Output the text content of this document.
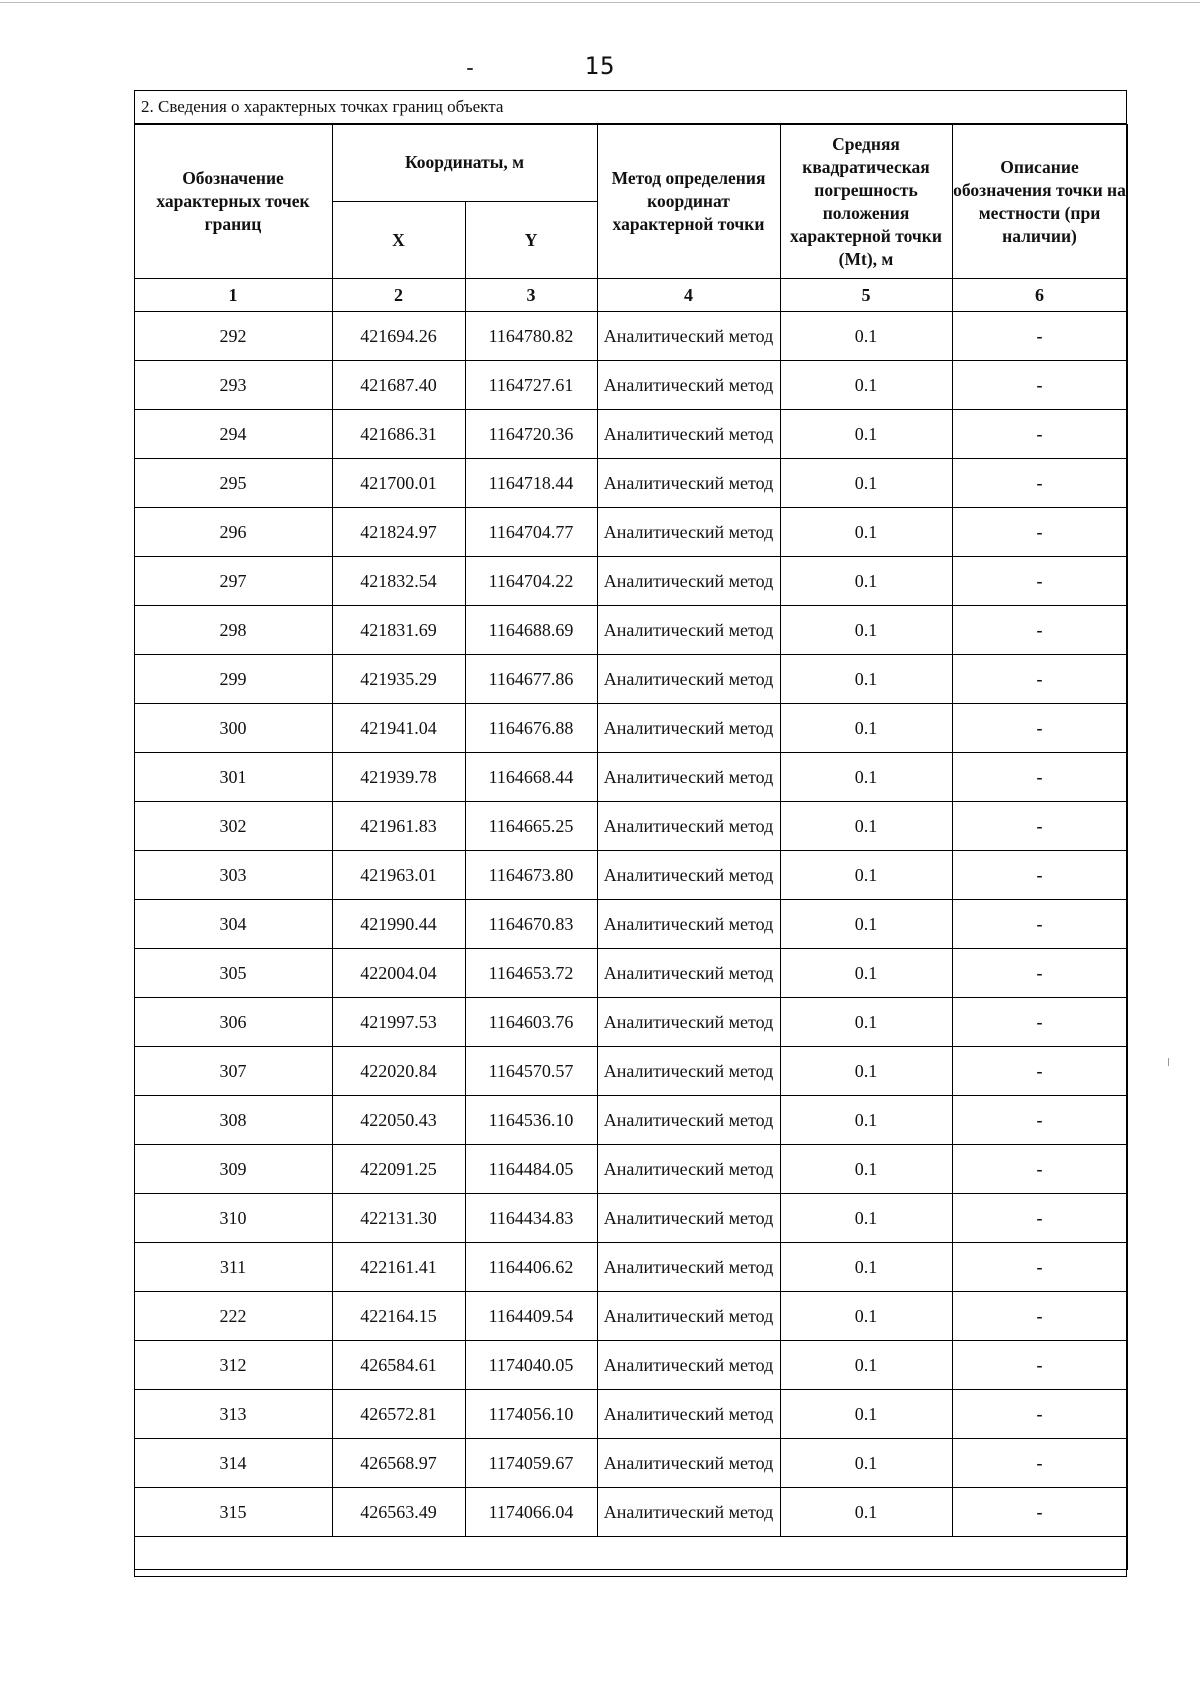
15
2. Сведения о характерных точках границ объекта
Обозначение характерных точек границ	Координаты, м		Метод определения координат характерной точки	Средняя квадратическая погрешность положения характерной точки (Mt), м	Описание обозначения точки на местности (при наличии)
	X	Y			
1	2	3	4	5	6
292	421694.26	1164780.82	Аналитический метод	0.1	-
293	421687.40	1164727.61	Аналитический метод	0.1	-
294	421686.31	1164720.36	Аналитический метод	0.1	-
295	421700.01	1164718.44	Аналитический метод	0.1	-
296	421824.97	1164704.77	Аналитический метод	0.1	-
297	421832.54	1164704.22	Аналитический метод	0.1	-
298	421831.69	1164688.69	Аналитический метод	0.1	-
299	421935.29	1164677.86	Аналитический метод	0.1	-
300	421941.04	1164676.88	Аналитический метод	0.1	-
301	421939.78	1164668.44	Аналитический метод	0.1	-
302	421961.83	1164665.25	Аналитический метод	0.1	-
303	421963.01	1164673.80	Аналитический метод	0.1	-
304	421990.44	1164670.83	Аналитический метод	0.1	-
305	422004.04	1164653.72	Аналитический метод	0.1	-
306	421997.53	1164603.76	Аналитический метод	0.1	-
307	422020.84	1164570.57	Аналитический метод	0.1	-
308	422050.43	1164536.10	Аналитический метод	0.1	-
309	422091.25	1164484.05	Аналитический метод	0.1	-
310	422131.30	1164434.83	Аналитический метод	0.1	-
311	422161.41	1164406.62	Аналитический метод	0.1	-
222	422164.15	1164409.54	Аналитический метод	0.1	-
312	426584.61	1174040.05	Аналитический метод	0.1	-
313	426572.81	1174056.10	Аналитический метод	0.1	-
314	426568.97	1174059.67	Аналитический метод	0.1	-
315	426563.49	1174066.04	Аналитический метод	0.1	-
